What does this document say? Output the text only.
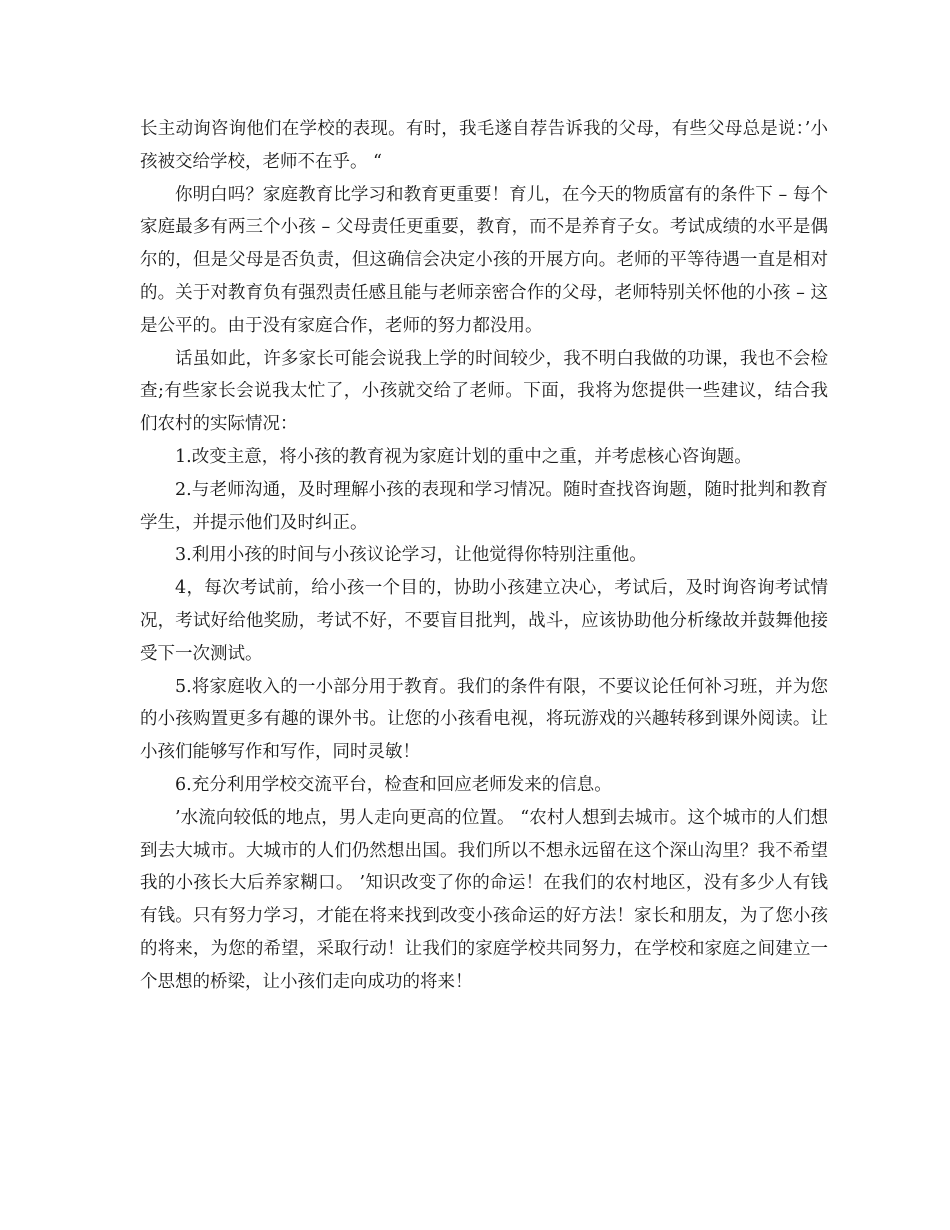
长主动询咨询他们在学校的表现。有时，我毛遂自荐告诉我的父母，有些父母总是说：’小孩被交给学校，老师不在乎。 “

你明白吗？家庭教育比学习和教育更重要！育儿，在今天的物质富有的条件下 – 每个家庭最多有两三个小孩 – 父母责任更重要，教育，而不是养育子女。考试成绩的水平是偶尔的，但是父母是否负责，但这确信会决定小孩的开展方向。老师的平等待遇一直是相对的。关于对教育负有强烈责任感且能与老师亲密合作的父母，老师特别关怀他的小孩 – 这是公平的。由于没有家庭合作，老师的努力都没用。

话虽如此，许多家长可能会说我上学的时间较少，我不明白我做的功课，我也不会检查;有些家长会说我太忙了，小孩就交给了老师。下面，我将为您提供一些建议，结合我们农村的实际情况：

1.改变主意，将小孩的教育视为家庭计划的重中之重，并考虑核心咨询题。

2.与老师沟通，及时理解小孩的表现和学习情况。随时查找咨询题，随时批判和教育学生，并提示他们及时纠正。

3.利用小孩的时间与小孩议论学习，让他觉得你特别注重他。

4，每次考试前，给小孩一个目的，协助小孩建立决心，考试后，及时询咨询考试情况，考试好给他奖励，考试不好，不要盲目批判，战斗，应该协助他分析缘故并鼓舞他接受下一次测试。

5.将家庭收入的一小部分用于教育。我们的条件有限，不要议论任何补习班，并为您的小孩购置更多有趣的课外书。让您的小孩看电视，将玩游戏的兴趣转移到课外阅读。让小孩们能够写作和写作，同时灵敏！

6.充分利用学校交流平台，检查和回应老师发来的信息。

’水流向较低的地点，男人走向更高的位置。 “农村人想到去城市。这个城市的人们想到去大城市。大城市的人们仍然想出国。我们所以不想永远留在这个深山沟里？我不希望我的小孩长大后养家糊口。 ’知识改变了你的命运！在我们的农村地区，没有多少人有钱有钱。只有努力学习，才能在将来找到改变小孩命运的好方法！家长和朋友，为了您小孩的将来，为您的希望，采取行动！让我们的家庭学校共同努力，在学校和家庭之间建立一个思想的桥梁，让小孩们走向成功的将来！
